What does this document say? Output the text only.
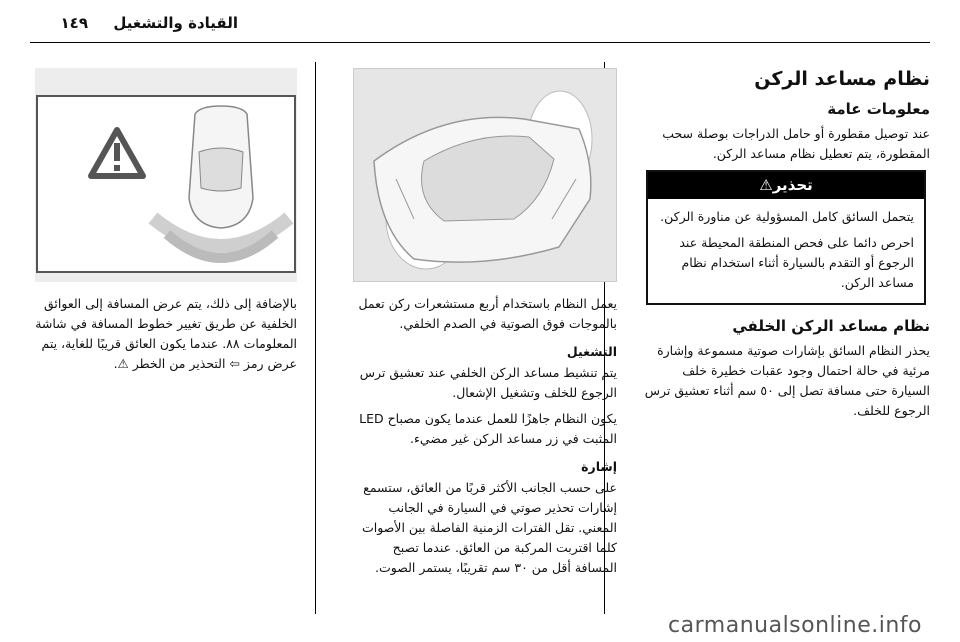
القيادة والتشغيل
١٤٩
نظام مساعد الركن
معلومات عامة

عند توصيل مقطورة أو حامل الدراجات بوصلة سحب المقطورة، يتم تعطيل نظام مساعد الركن.

تحذير⚠

يتحمل السائق كامل المسؤولية عن مناورة الركن.

احرص دائما على فحص المنطقة المحيطة عند الرجوع أو التقدم بالسيارة أثناء استخدام نظام مساعد الركن.

نظام مساعد الركن الخلفي

يحذر النظام السائق بإشارات صوتية مسموعة وإشارة مرئية في حالة احتمال وجود عقبات خطيرة خلف السيارة حتى مسافة تصل إلى ٥٠ سم أثناء تعشيق ترس الرجوع للخلف.

يعمل النظام باستخدام أربع مستشعرات ركن تعمل بالموجات فوق الصوتية في الصدم الخلفي.

التشغيل

يتم تنشيط مساعد الركن الخلفي عند تعشيق ترس الرجوع للخلف وتشغيل الإشعال.

يكون النظام جاهزًا للعمل عندما يكون مصباح LED المثبت في زر مساعد الركن غير مضيء.

إشارة

على حسب الجانب الأكثر قربًا من العائق، ستسمع إشارات تحذير صوتي في السيارة في الجانب المعني. تقل الفترات الزمنية الفاصلة بين الأصوات كلما اقتربت المركبة من العائق. عندما تصبح المسافة أقل من ٣٠ سم تقريبًا، يستمر الصوت.

بالإضافة إلى ذلك، يتم عرض المسافة إلى العوائق الخلفية عن طريق تغيير خطوط المسافة في شاشة المعلومات ٨٨. عندما يكون العائق قريبًا للغاية، يتم عرض رمز ⇦ التحذير من الخطر ⚠.

carmanualsonline.info
